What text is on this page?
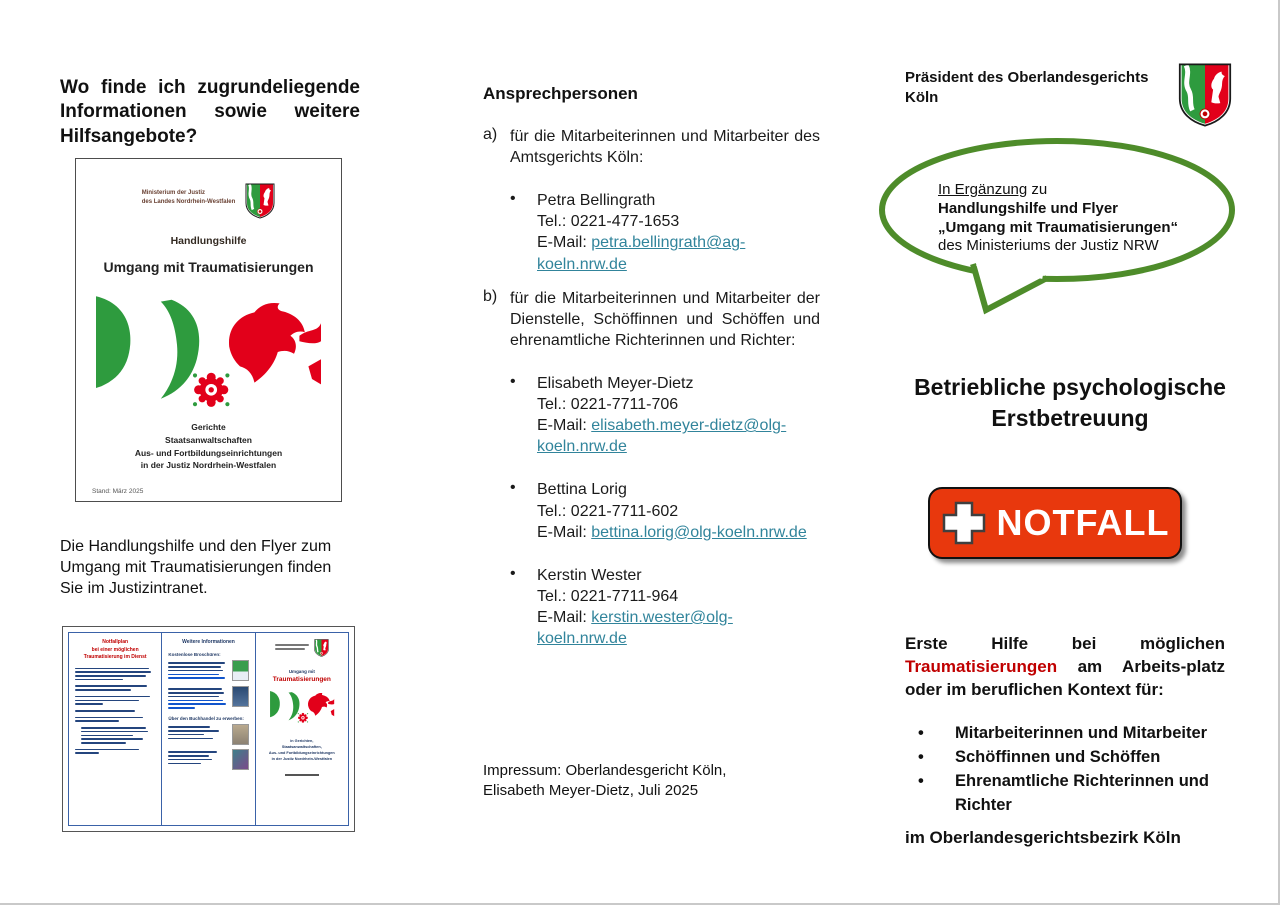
Wo finde ich zugrundeliegende Informationen sowie weitere Hilfsangebote?
Ministerium der Justiz
des Landes Nordrhein-Westfalen
Handlungshilfe
Umgang mit Traumatisierungen
Gerichte
Staatsanwaltschaften
Aus- und Fortbildungseinrichtungen
in der Justiz Nordrhein-Westfalen
Stand: März 2025
Die Handlungshilfe und den Flyer zum Umgang mit Traumatisierungen finden Sie im Justizintranet.
Notfallplan
bei einer möglichen
Traumatisierung im Dienst
Weitere Informationen
Kostenlose Broschüren:
Über den Buchhandel zu erwerben:
Umgang mit
Traumatisierungen
in Gerichten,
Staatsanwaltschaften,
Aus- und Fortbildungseinrichtungen
in der Justiz Nordrhein-Westfalen
Ansprechpersonen
a) für die Mitarbeiterinnen und Mitarbeiter des Amtsgerichts Köln:
•	Petra Bellingrath
Tel.: 0221-477-1653
E-Mail: petra.bellingrath@ag-koeln.nrw.de
b) für die Mitarbeiterinnen und Mitarbeiter der Dienstelle, Schöffinnen und Schöffen und ehrenamtliche Richterinnen und Richter:
•	Elisabeth Meyer-Dietz
Tel.: 0221-7711-706
E-Mail: elisabeth.meyer-dietz@olg-koeln.nrw.de
•	Bettina Lorig
Tel.: 0221-7711-602
E-Mail: bettina.lorig@olg-koeln.nrw.de
•	Kerstin Wester
Tel.: 0221-7711-964
E-Mail: kerstin.wester@olg-koeln.nrw.de
Impressum: Oberlandesgericht Köln,
Elisabeth Meyer-Dietz, Juli 2025
Präsident des Oberlandesgerichts Köln
In Ergänzung zu
Handlungshilfe und Flyer
„Umgang mit Traumatisierungen“
des Ministeriums der Justiz NRW
Betriebliche psychologische Erstbetreuung
NOTFALL
Erste Hilfe bei möglichen Traumatisierungen am Arbeits-platz oder im beruflichen Kontext für:
•	Mitarbeiterinnen und Mitarbeiter
•	Schöffinnen und Schöffen
•	Ehrenamtliche Richterinnen und Richter
im Oberlandesgerichtsbezirk Köln
